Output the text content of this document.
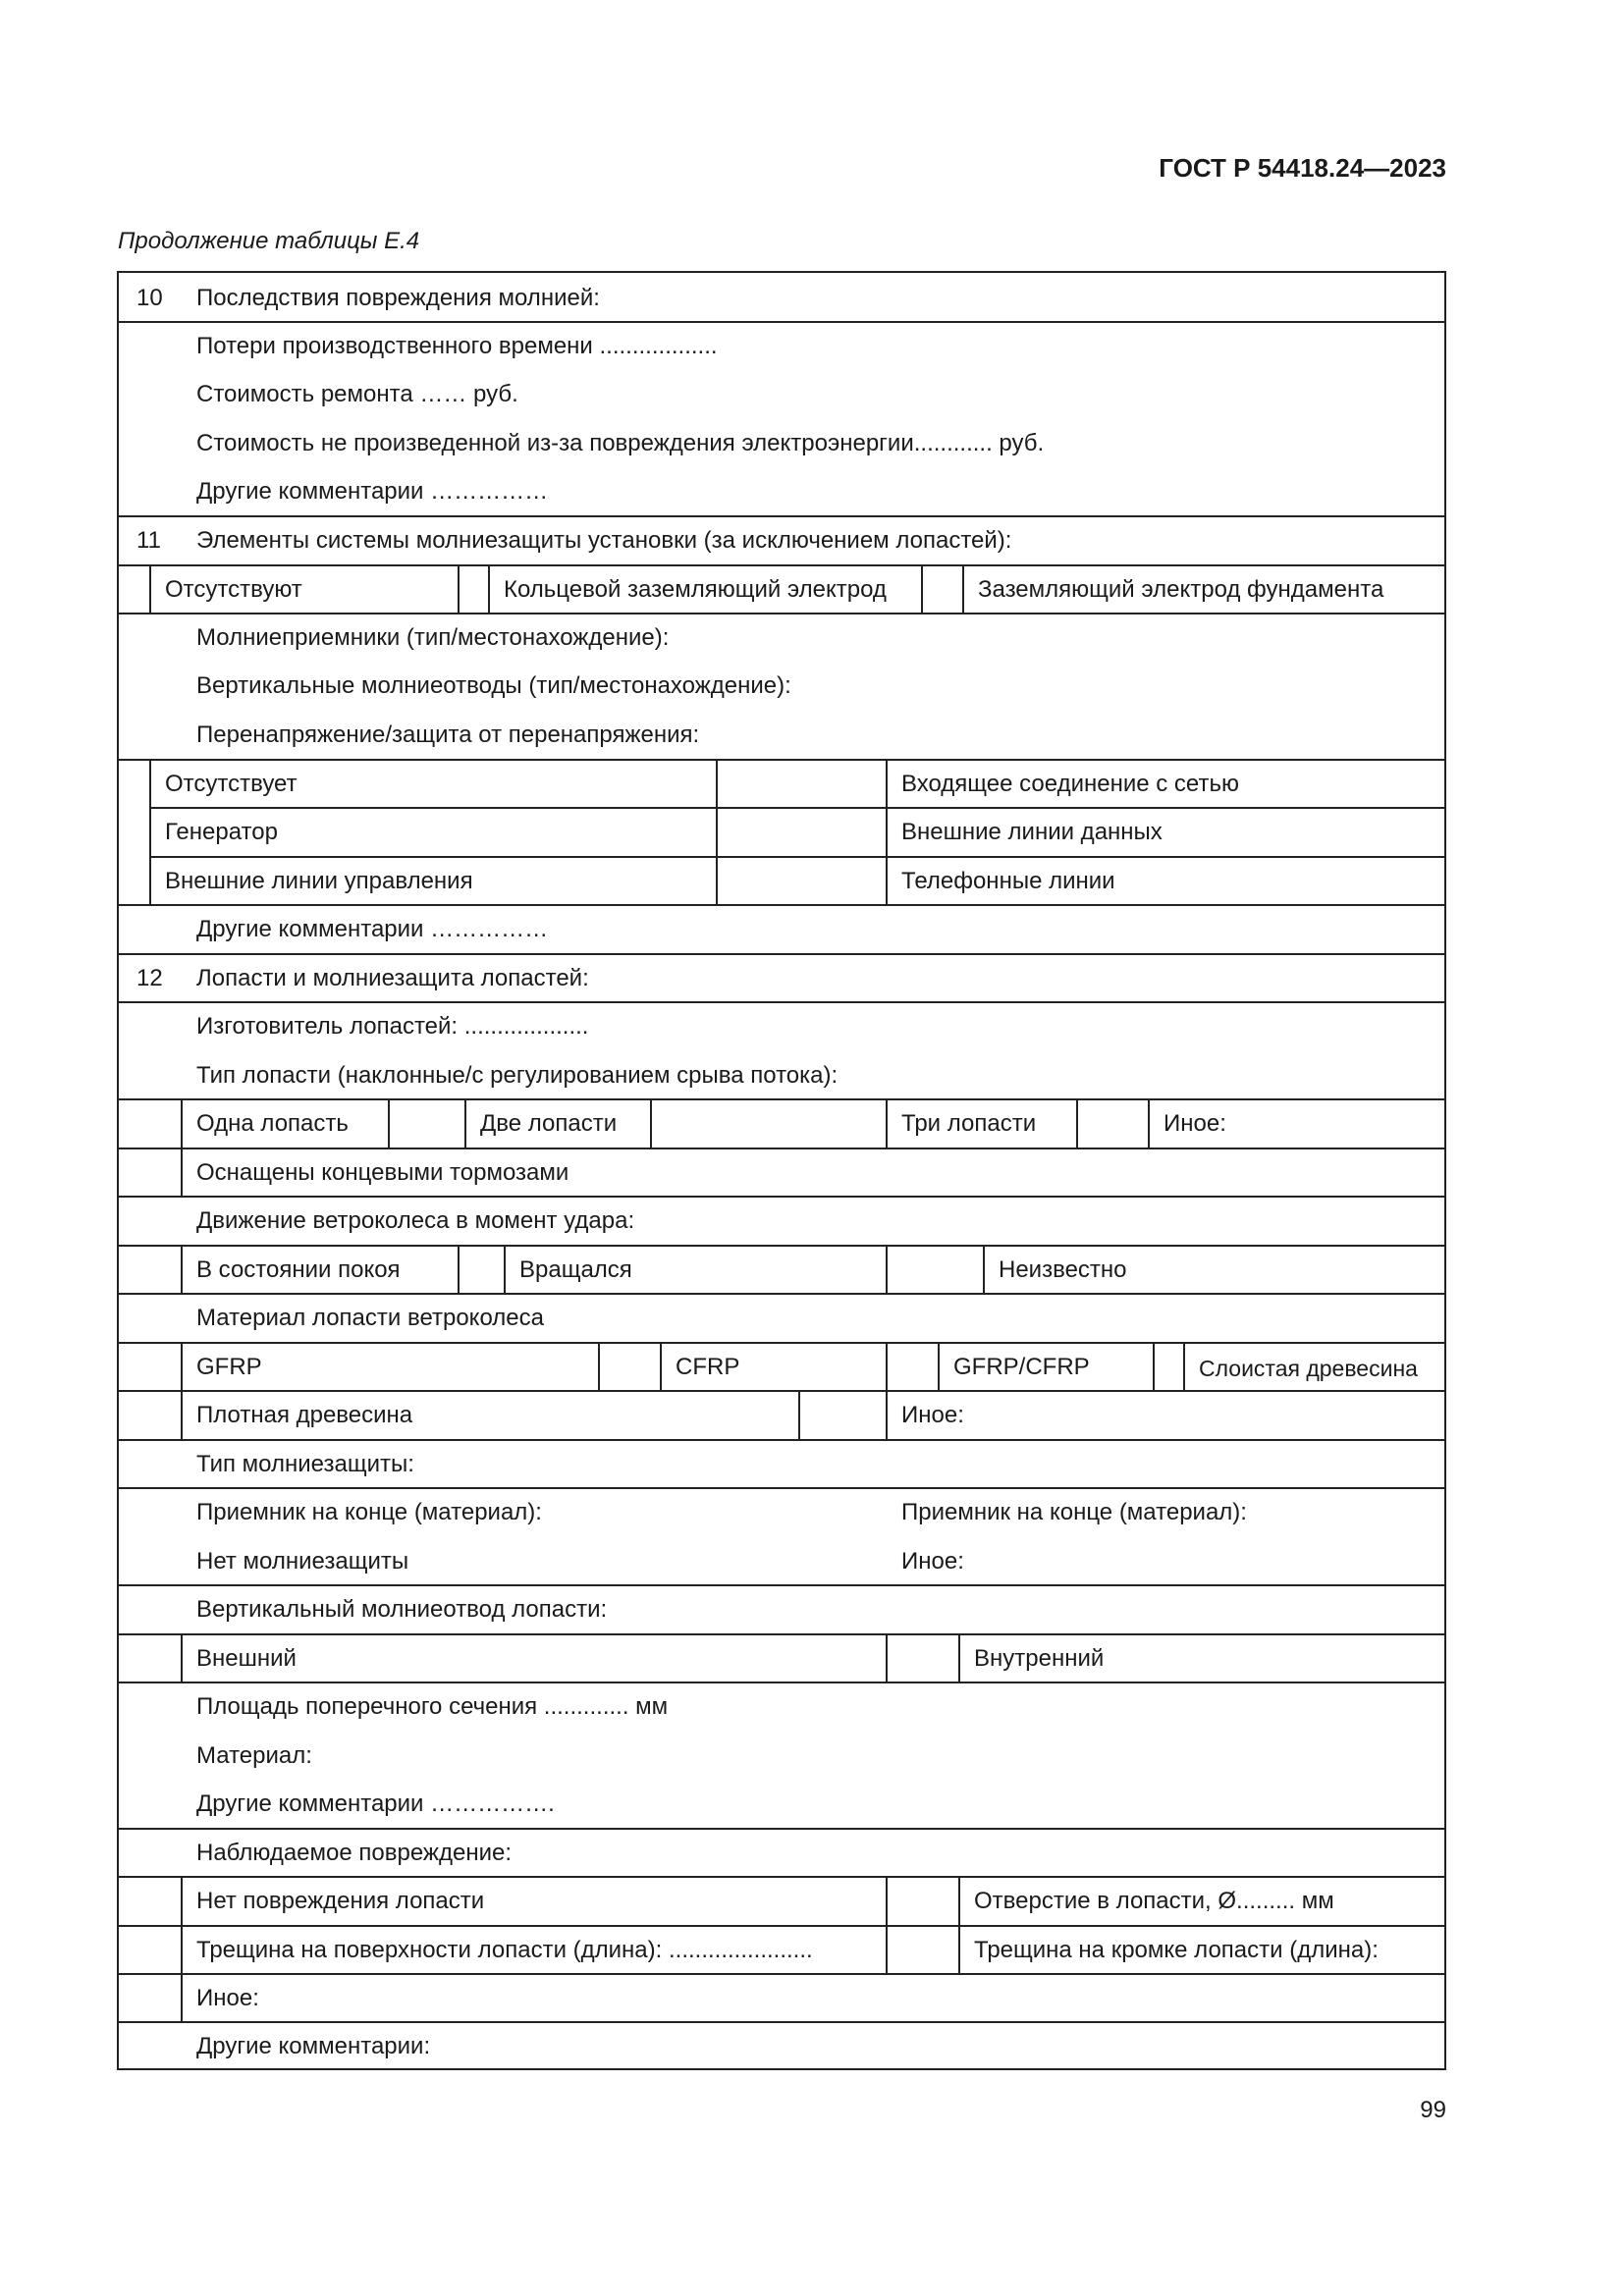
ГОСТ Р 54418.24—2023
Продолжение таблицы Е.4
10 Последствия повреждения молнией:
Потери производственного времени ..................
Стоимость ремонта …… руб.
Стоимость не произведенной из-за повреждения электроэнергии............ руб.
Другие комментарии ……………
11 Элементы системы молниезащиты установки (за исключением лопастей):
Отсутствуют	Кольцевой заземляющий электрод	Заземляющий электрод фундамента
Молниеприемники (тип/местонахождение):
Вертикальные молниеотводы (тип/местонахождение):
Перенапряжение/защита от перенапряжения:
Отсутствует	Входящее соединение с сетью
Генератор	Внешние линии данных
Внешние линии управления	Телефонные линии
Другие комментарии ……………
12 Лопасти и молниезащита лопастей:
Изготовитель лопастей: ...................
Тип лопасти (наклонные/с регулированием срыва потока):
Одна лопасть	Две лопасти	Три лопасти	Иное:
Оснащены концевыми тормозами
Движение ветроколеса в момент удара:
В состоянии покоя	Вращался	Неизвестно
Материал лопасти ветроколеса
GFRP	CFRP	GFRP/CFRP	Слоистая древесина
Плотная древесина	Иное:
Тип молниезащиты:
Приемник на конце (материал):	Приемник на конце (материал):
Нет молниезащиты	Иное:
Вертикальный молниеотвод лопасти:
Внешний	Внутренний
Площадь поперечного сечения ............. мм
Материал:
Другие комментарии …………….
Наблюдаемое повреждение:
Нет повреждения лопасти	Отверстие в лопасти, Ø......... мм
Трещина на поверхности лопасти (длина): ......................	Трещина на кромке лопасти (длина):
Иное:
Другие комментарии:
99
